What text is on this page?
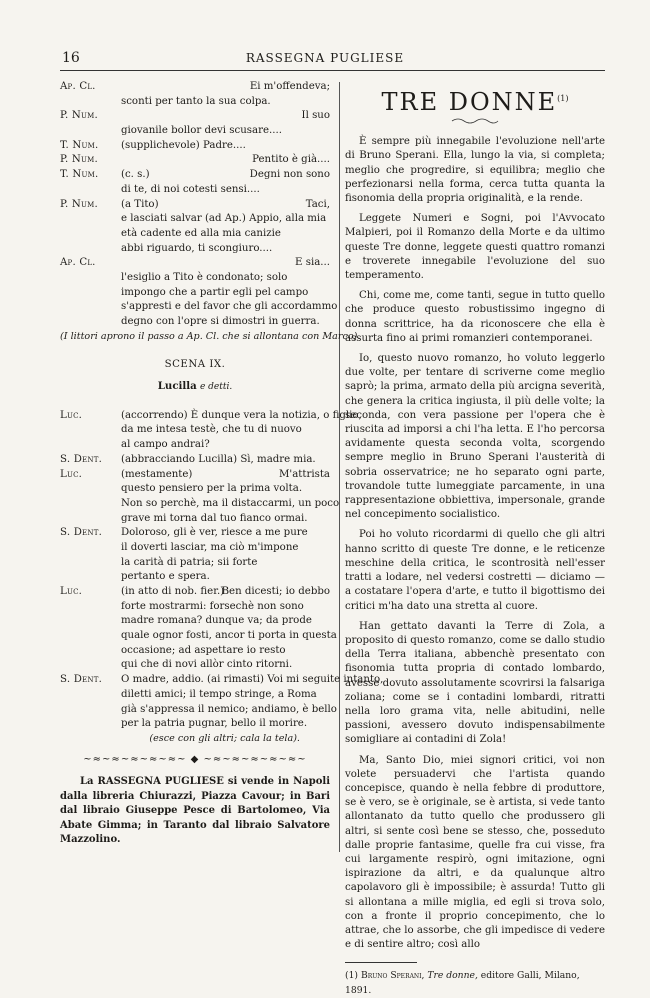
16	RASSEGNA PUGLIESE
Ap. Cl.	Ei m'offendeva;
sconti per tanto la sua colpa.
P. Num.	Il suo
giovanile bollor devi scusare....
T. Num. (supplichevole) Padre....
P. Num.	Pentito è già....
T. Num. (c. s.)	Degni non sono
di te, di noi cotesti sensi....
P. Num. (a Tito)	Taci,
e lasciati salvar (ad Ap.) Appio, alla mia
età cadente ed alla mia canizie
abbi riguardo, ti scongiuro....
Ap. Cl.	E sia...
l'esiglio a Tito è condonato; solo
impongo che a partir egli pel campo
s'appresti e del favor che gli accordammo
degno con l'opre si dimostri in guerra.
(I littori aprono il passo a Ap. Cl. che si allontana con Marco).
SCENA IX.
Lucilla e detti.
Luc.	(accorrendo) È dunque vera la notizia, o figlio,
da me intesa testè, che tu di nuovo
al campo andrai?
S. Dent. (abbracciando Lucilla) Sì, madre mia.
Luc.	(mestamente)	M'attrista
questo pensiero per la prima volta.
Non so perchè, ma il distaccarmi, un poco
grave mi torna dal tuo fianco ormai.
S. Dent. Doloroso, gli è ver, riesce a me pure
il doverti lasciar, ma ciò m'impone
la carità di patria; sii forte
pertanto e spera.
Luc.	(in atto di nob. fier.)
Ben dicesti; io debbo
forte mostrarmi: forsechè non sono
madre romana? dunque va; da prode
quale ognor fosti, ancor ti porta in questa
occasione; ad aspettare io resto
qui che di novi allòr cinto ritorni.
S. Dent. O madre, addio. (ai rimasti) Voi mi seguite intanto,
diletti amici; il tempo stringe, a Roma
già s'appressa il nemico; andiamo, è bello
per la patria pugnar, bello il morire.
(esce con gli altri; cala la tela).
~≈~≈~≈~≈~≈~ ◆ ~≈~≈~≈~≈~≈~
La RASSEGNA PUGLIESE si vende in Napoli dalla libreria Chiurazzi, Piazza Cavour; in Bari dal libraio Giuseppe Pesce di Bartolomeo, Via Abate Gimma; in Taranto dal libraio Salvatore Mazzolino.
TRE DONNE$^{(1)}$

È sempre più innegabile l'evoluzione nell'arte di Bruno Sperani. Ella, lungo la via, si completa; meglio che progredire, si equilibra; meglio che perfezionarsi nella forma, cerca tutta quanta la fisonomia della propria originalità, e la rende.

Leggete Numeri e Sogni, poi l'Avvocato Malpieri, poi il Romanzo della Morte e da ultimo queste Tre donne, leggete questi quattro romanzi e troverete innegabile l'evoluzione del suo temperamento.

Chi, come me, come tanti, segue in tutto quello che produce questo robustissimo ingegno di donna scrittrice, ha da riconoscere che ella è assurta fino ai primi romanzieri contemporanei.

Io, questo nuovo romanzo, ho voluto leggerlo due volte, per tentare di scriverne come meglio saprò; la prima, armato della più arcigna severità, che genera la critica ingiusta, il più delle volte; la seconda, con vera passione per l'opera che è riuscita ad imporsi a chi l'ha letta. E l'ho percorsa avidamente questa seconda volta, scorgendo sempre meglio in Bruno Sperani l'austerità di sobria osservatrice; ne ho separato ogni parte, trovandole tutte lumeggiate parcamente, in una rappresentazione obbiettiva, impersonale, grande nel concepimento socialistico.

Poi ho voluto ricordarmi di quello che gli altri hanno scritto di queste Tre donne, e le reticenze meschine della critica, le scontrosità nell'esser tratti a lodare, nel vedersi costretti — diciamo — a costatare l'opera d'arte, e tutto il bigottismo dei critici m'ha dato una stretta al cuore.

Han gettato davanti la Terre di Zola, a proposito di questo romanzo, come se dallo studio della Terra italiana, abbenchè presentato con fisonomia tutta propria di contado lombardo, avesse dovuto assolutamente scovrirsi la falsariga zoliana; come se i contadini lombardi, ritratti nella loro grama vita, nelle abitudini, nelle passioni, avessero dovuto indispensabilmente somigliare ai contadini di Zola!

Ma, Santo Dio, miei signori critici, voi non volete persuadervi che l'artista quando concepisce, quando è nella febbre di produttore, se è vero, se è originale, se è artista, si vede tanto allontanato da tutto quello che produssero gli altri, si sente così bene se stesso, che, posseduto dalle proprie fantasime, quelle fra cui visse, fra cui largamente respirò, ogni imitazione, ogni ispirazione da altri, e da qualunque altro capolavoro gli è impossibile; è assurda! Tutto gli si allontana a mille miglia, ed egli si trova solo, con a fronte il proprio concepimento, che lo attrae, che lo assorbe, che gli impedisce di vedere e di sentire altro; così allo

(1) Bruno Sperani, Tre donne, editore Galli, Milano, 1891.
